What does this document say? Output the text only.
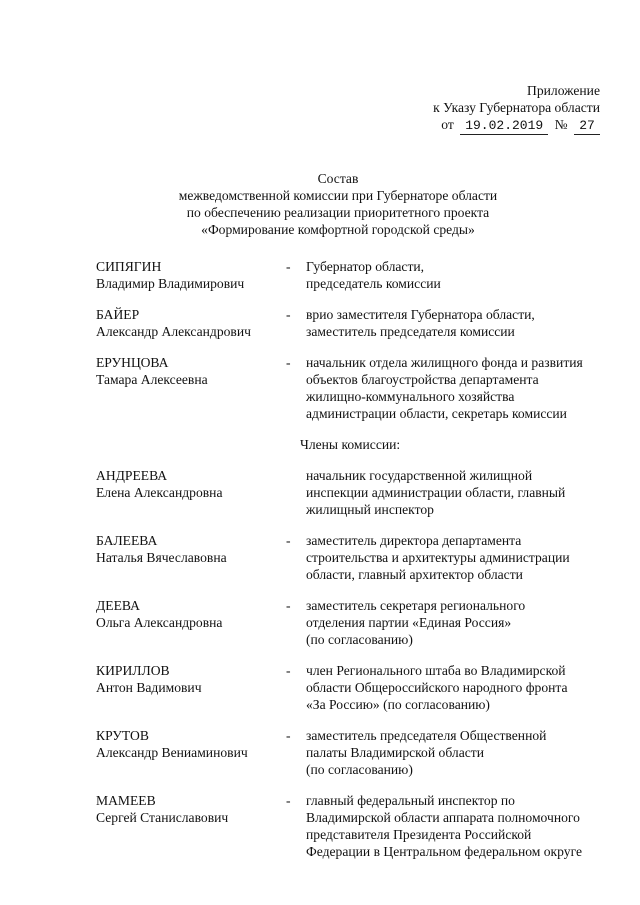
Приложение
к Указу Губернатора области
от 19.02.2019 № 27
Состав
межведомственной комиссии при Губернаторе области
по обеспечению реализации приоритетного проекта
«Формирование комфортной городской среды»
СИПЯГИН
Владимир Владимирович
-	Губернатор области,
председатель комиссии
БАЙЕР
Александр Александрович
-	врио заместителя Губернатора области,
заместитель председателя комиссии
ЕРУНЦОВА
Тамара Алексеевна
-	начальник отдела жилищного фонда и развития
объектов благоустройства департамента
жилищно-коммунального хозяйства
администрации области, секретарь комиссии
Члены комиссии:
АНДРЕЕВА
Елена Александровна
начальник государственной жилищной
инспекции администрации области, главный
жилищный инспектор
БАЛЕЕВА
Наталья Вячеславовна
-	заместитель директора департамента
строительства и архитектуры администрации
области, главный архитектор области
ДЕЕВА
Ольга Александровна
-	заместитель секретаря регионального
отделения партии «Единая Россия»
(по согласованию)
КИРИЛЛОВ
Антон Вадимович
-	член Регионального штаба во Владимирской
области Общероссийского народного фронта
«За Россию» (по согласованию)
КРУТОВ
Александр Вениаминович
-	заместитель председателя Общественной
палаты Владимирской области
(по согласованию)
МАМЕЕВ
Сергей Станиславович
-	главный федеральный инспектор по
Владимирской области аппарата полномочного
представителя Президента Российской
Федерации в Центральном федеральном округе
